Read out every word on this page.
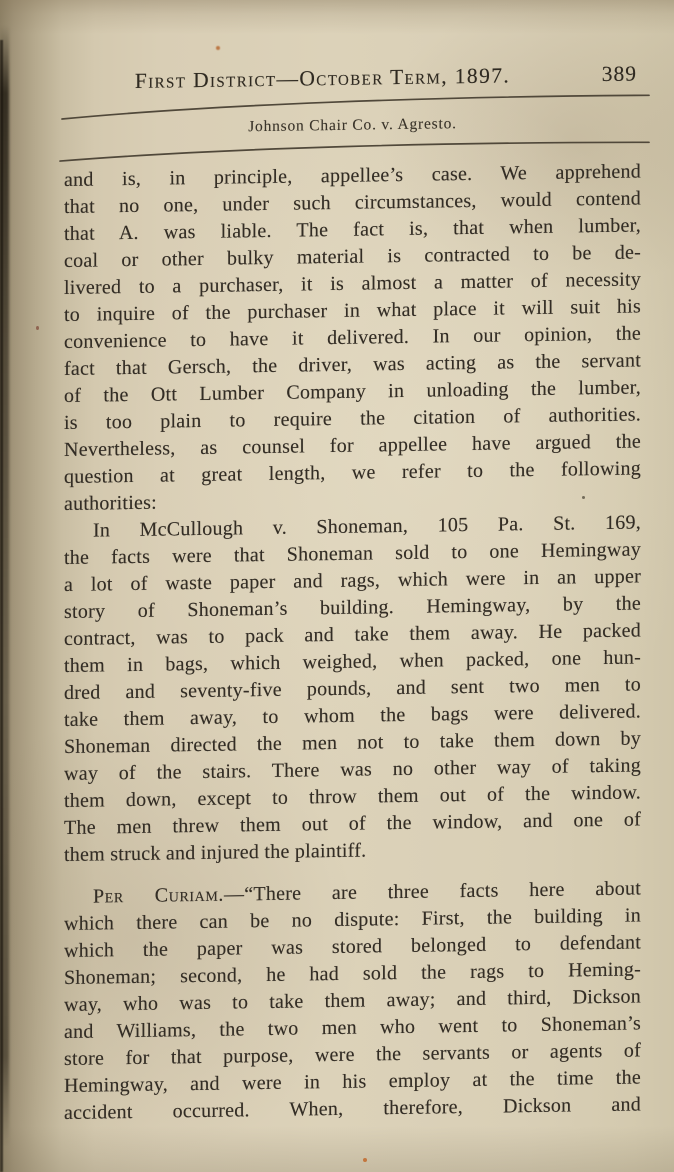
First District—October Term, 1897.	389
Johnson Chair Co. v. Agresto.
and is, in principle, appellee’s case. We apprehend
that no one, under such circumstances, would contend
that A. was liable. The fact is, that when lumber,
coal or other bulky material is contracted to be de-
livered to a purchaser, it is almost a matter of necessity
to inquire of the purchaser in what place it will suit his
convenience to have it delivered. In our opinion, the
fact that Gersch, the driver, was acting as the servant
of the Ott Lumber Company in unloading the lumber,
is too plain to require the citation of authorities.
Nevertheless, as counsel for appellee have argued the
question at great length, we refer to the following
authorities:
In McCullough v. Shoneman, 105 Pa. St. 169,
the facts were that Shoneman sold to one Hemingway
a lot of waste paper and rags, which were in an upper
story of Shoneman’s building. Hemingway, by the
contract, was to pack and take them away. He packed
them in bags, which weighed, when packed, one hun-
dred and seventy-five pounds, and sent two men to
take them away, to whom the bags were delivered.
Shoneman directed the men not to take them down by
way of the stairs. There was no other way of taking
them down, except to throw them out of the window.
The men threw them out of the window, and one of
them struck and injured the plaintiff.
Per Curiam.—“There are three facts here about
which there can be no dispute: First, the building in
which the paper was stored belonged to defendant
Shoneman; second, he had sold the rags to Heming-
way, who was to take them away; and third, Dickson
and Williams, the two men who went to Shoneman’s
store for that purpose, were the servants or agents of
Hemingway, and were in his employ at the time the
accident occurred. When, therefore, Dickson and
